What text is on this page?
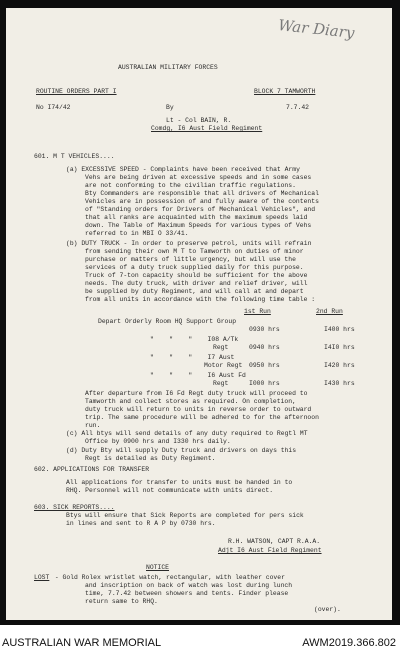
War Diary
AUSTRALIAN MILITARY FORCES
ROUTINE ORDERS PART I	BLOCK 7 TAMWORTH
No I74/42	By	7.7.42
Lt - Col BAIN, R.
Comdg, I6 Aust Field Regiment
601. M T VEHICLES....
(a) EXCESSIVE SPEED - Complaints have been received that Army
Vehs are being driven at excessive speeds and in some cases
are not conforming to the civilian traffic regulations.
Bty Commanders are responsible that all drivers of Mechanical
Vehicles are in possession of and fully aware of the contents
of "Standing orders for Drivers of Mechanical Vehicles", and
that all ranks are acquainted with the maximum speeds laid
down. The Table of Maximum Speeds for various types of Vehs
referred to in MBI O 33/41.
(b) DUTY TRUCK - In order to preserve petrol, units will refrain
from sending their own M T to Tamworth on duties of minor
purchase or matters of little urgency, but will use the
services of a duty truck supplied daily for this purpose.
Truck of 7-ton capacity should be sufficient for the above
needs. The duty truck, with driver and relief driver, will
be supplied by duty Regiment, and will call at and depart
from all units in accordance with the following time table :
1st Run	2nd Run
Depart Orderly Room HQ Support Group
0930 hrs	I400 hrs
"    "    "    I08 A/Tk
Regt	0940 hrs	I4I0 hrs
"    "    "    I7 Aust
Motor Regt 0950 hrs	I420 hrs
"    "    "    I6 Aust Fd
Regt	I000 hrs	I430 hrs
After departure from I6 Fd Regt duty truck will proceed to
Tamworth and collect stores as required. On completion,
duty truck will return to units in reverse order to outward
trip. The same procedure will be adhered to for the afternoon
run.
(c) All btys will send details of any duty required to Regtl MT
Office by 0900 hrs and I330 hrs daily.
(d) Duty Bty will supply Duty truck and drivers on days this
Regt is detailed as Duty Regiment.
602. APPLICATIONS FOR TRANSFER
All applications for transfer to units must be handed in to
RHQ. Personnel will not communicate with units direct.
603. SICK REPORTS....
Btys will ensure that Sick Reports are completed for pers sick
in lines and sent to R A P by 0730 hrs.
R.H. WATSON, CAPT R.A.A.
Adjt I6 Aust Field Regiment
NOTICE
LOST - Gold Rolex wristlet watch, rectangular, with leather cover
and inscription on back of watch was lost during lunch
time, 7.7.42 between showers and tents. Finder please
return same to RHQ.
(over).
AUSTRALIAN WAR MEMORIAL	AWM2019.366.802
